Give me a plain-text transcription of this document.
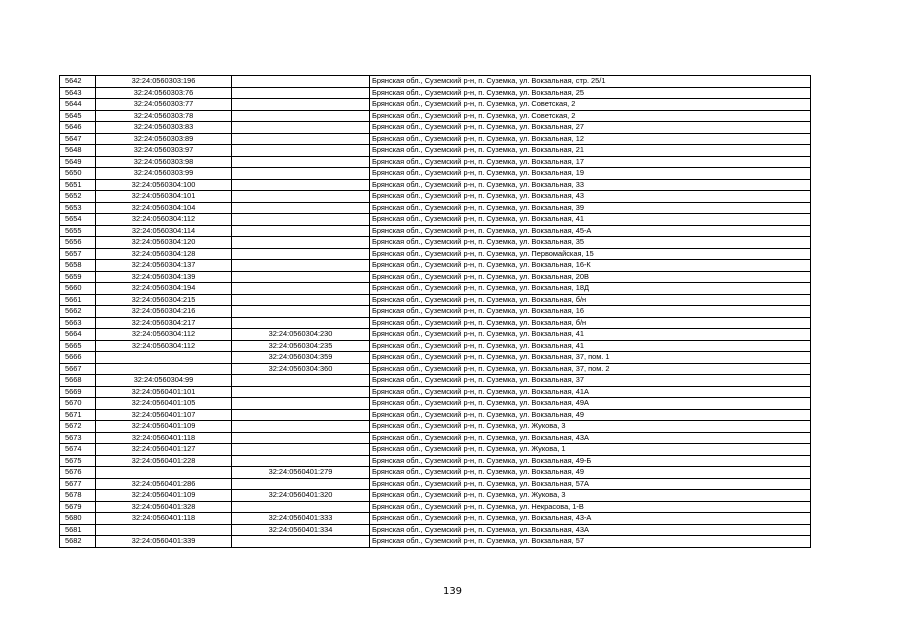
5642	32:24:0560303:196		Брянская обл., Суземский р-н, п. Суземка, ул. Вокзальная, стр. 25/1
5643	32:24:0560303:76		Брянская обл., Суземский р-н, п. Суземка, ул. Вокзальная, 25
5644	32:24:0560303:77		Брянская обл., Суземский р-н, п. Суземка, ул. Советская, 2
5645	32:24:0560303:78		Брянская обл., Суземский р-н, п. Суземка, ул. Советская, 2
5646	32:24:0560303:83		Брянская обл., Суземский р-н, п. Суземка, ул. Вокзальная, 27
5647	32:24:0560303:89		Брянская обл., Суземский р-н, п. Суземка, ул. Вокзальная, 12
5648	32:24:0560303:97		Брянская обл., Суземский р-н, п. Суземка, ул. Вокзальная, 21
5649	32:24:0560303:98		Брянская обл., Суземский р-н, п. Суземка, ул. Вокзальная, 17
5650	32:24:0560303:99		Брянская обл., Суземский р-н, п. Суземка, ул. Вокзальная, 19
5651	32:24:0560304:100		Брянская обл., Суземский р-н, п. Суземка, ул. Вокзальная, 33
5652	32:24:0560304:101		Брянская обл., Суземский р-н, п. Суземка, ул. Вокзальная, 43
5653	32:24:0560304:104		Брянская обл., Суземский р-н, п. Суземка, ул. Вокзальная, 39
5654	32:24:0560304:112		Брянская обл., Суземский р-н, п. Суземка, ул. Вокзальная, 41
5655	32:24:0560304:114		Брянская обл., Суземский р-н, п. Суземка, ул. Вокзальная, 45-А
5656	32:24:0560304:120		Брянская обл., Суземский р-н, п. Суземка, ул. Вокзальная, 35
5657	32:24:0560304:128		Брянская обл., Суземский р-н, п. Суземка, ул. Первомайская, 15
5658	32:24:0560304:137		Брянская обл., Суземский р-н, п. Суземка, ул. Вокзальная, 16-К
5659	32:24:0560304:139		Брянская обл., Суземский р-н, п. Суземка, ул. Вокзальная, 20В
5660	32:24:0560304:194		Брянская обл., Суземский р-н, п. Суземка, ул. Вокзальная, 18Д
5661	32:24:0560304:215		Брянская обл., Суземский р-н, п. Суземка, ул. Вокзальная, б/н
5662	32:24:0560304:216		Брянская обл., Суземский р-н, п. Суземка, ул. Вокзальная, 16
5663	32:24:0560304:217		Брянская обл., Суземский р-н, п. Суземка, ул. Вокзальная, б/н
5664	32:24:0560304:112	32:24:0560304:230	Брянская обл., Суземский р-н, п. Суземка, ул. Вокзальная, 41
5665	32:24:0560304:112	32:24:0560304:235	Брянская обл., Суземский р-н, п. Суземка, ул. Вокзальная, 41
5666		32:24:0560304:359	Брянская обл., Суземский р-н, п. Суземка, ул. Вокзальная, 37, пом. 1
5667		32:24:0560304:360	Брянская обл., Суземский р-н, п. Суземка, ул. Вокзальная, 37, пом. 2
5668	32:24:0560304:99		Брянская обл., Суземский р-н, п. Суземка, ул. Вокзальная, 37
5669	32:24:0560401:101		Брянская обл., Суземский р-н, п. Суземка, ул. Вокзальная, 41А
5670	32:24:0560401:105		Брянская обл., Суземский р-н, п. Суземка, ул. Вокзальная, 49А
5671	32:24:0560401:107		Брянская обл., Суземский р-н, п. Суземка, ул. Вокзальная, 49
5672	32:24:0560401:109		Брянская обл., Суземский р-н, п. Суземка, ул. Жукова, 3
5673	32:24:0560401:118		Брянская обл., Суземский р-н, п. Суземка, ул. Вокзальная, 43А
5674	32:24:0560401:127		Брянская обл., Суземский р-н, п. Суземка, ул. Жукова, 1
5675	32:24:0560401:228		Брянская обл., Суземский р-н, п. Суземка, ул. Вокзальная, 49-Б
5676		32:24:0560401:279	Брянская обл., Суземский р-н, п. Суземка, ул. Вокзальная, 49
5677	32:24:0560401:286		Брянская обл., Суземский р-н, п. Суземка, ул. Вокзальная, 57А
5678	32:24:0560401:109	32:24:0560401:320	Брянская обл., Суземский р-н, п. Суземка, ул. Жукова, 3
5679	32:24:0560401:328		Брянская обл., Суземский р-н, п. Суземка, ул. Некрасова, 1-В
5680	32:24:0560401:118	32:24:0560401:333	Брянская обл., Суземский р-н, п. Суземка, ул. Вокзальная, 43-А
5681		32:24:0560401:334	Брянская обл., Суземский р-н, п. Суземка, ул. Вокзальная, 43А
5682	32:24:0560401:339		Брянская обл., Суземский р-н, п. Суземка, ул. Вокзальная, 57
139
